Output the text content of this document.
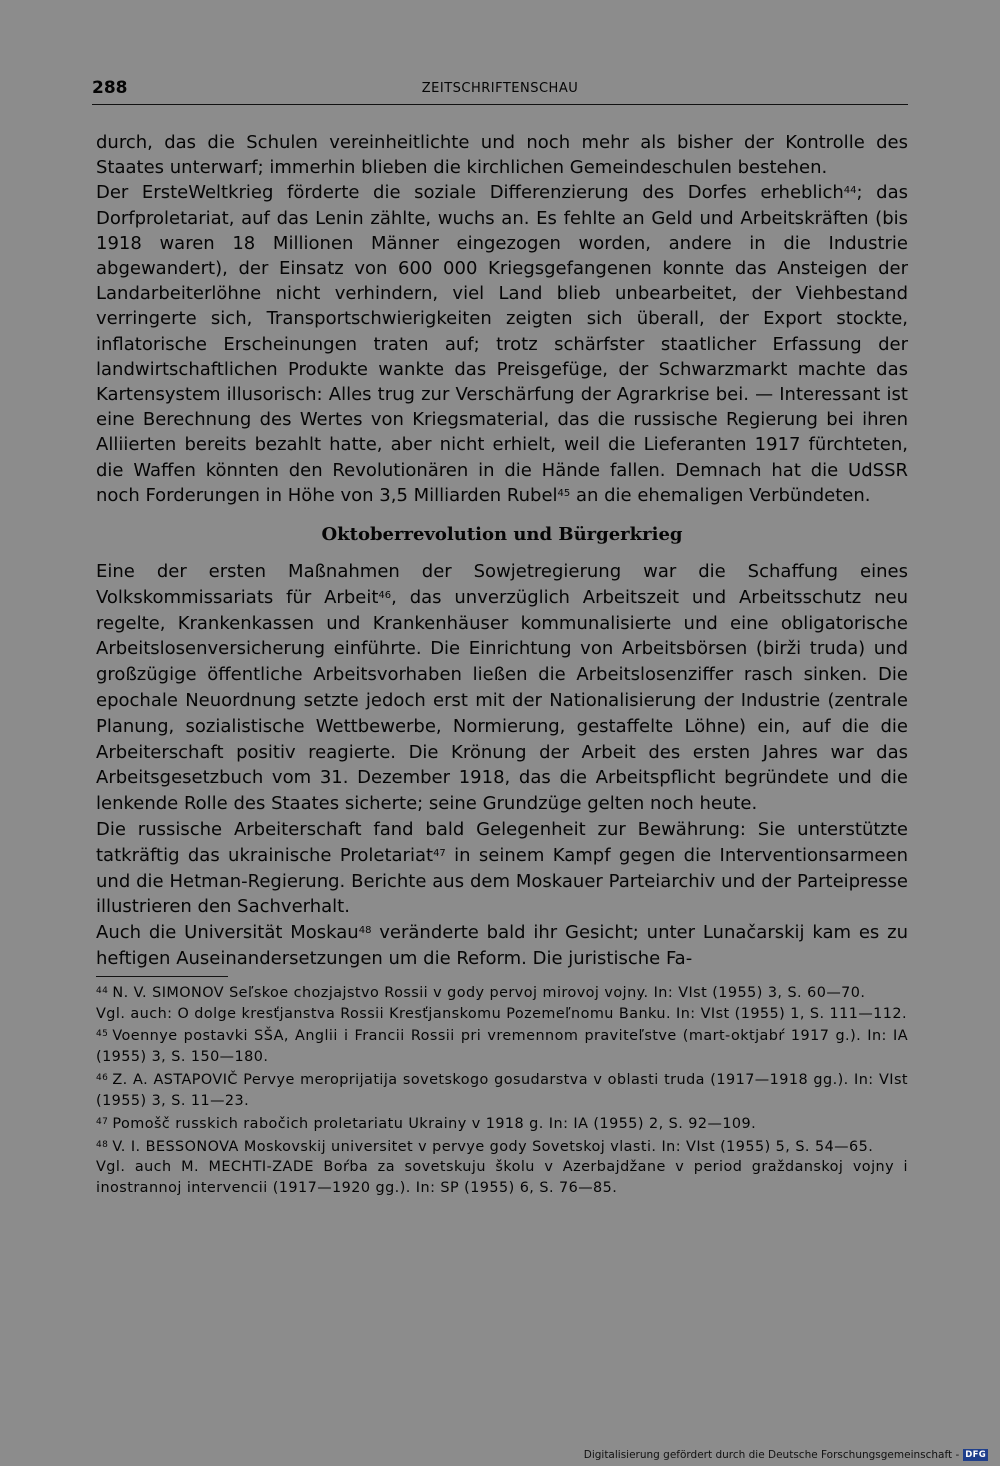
288	ZEITSCHRIFTENSCHAU

durch, das die Schulen vereinheitlichte und noch mehr als bisher der Kontrolle des Staates unterwarf; immerhin blieben die kirchlichen Gemeindeschulen bestehen.

Der ErsteWeltkrieg förderte die soziale Differenzierung des Dorfes erheblich$^{44}$; das Dorfproletariat, auf das Lenin zählte, wuchs an. Es fehlte an Geld und Arbeitskräften (bis 1918 waren 18 Millionen Männer eingezogen worden, andere in die Industrie abgewandert), der Einsatz von 600 000 Kriegsgefangenen konnte das Ansteigen der Landarbeiterlöhne nicht verhindern, viel Land blieb unbearbeitet, der Viehbestand verringerte sich, Transportschwierigkeiten zeigten sich überall, der Export stockte, inflatorische Erscheinungen traten auf; trotz schärfster staatlicher Erfassung der landwirtschaftlichen Produkte wankte das Preisgefüge, der Schwarzmarkt machte das Kartensystem illusorisch: Alles trug zur Verschärfung der Agrarkrise bei. — Interessant ist eine Berechnung des Wertes von Kriegsmaterial, das die russische Regierung bei ihren Alliierten bereits bezahlt hatte, aber nicht erhielt, weil die Lieferanten 1917 fürchteten, die Waffen könnten den Revolutionären in die Hände fallen. Demnach hat die UdSSR noch Forderungen in Höhe von 3,5 Milliarden Rubel$^{45}$ an die ehemaligen Verbündeten.

Oktoberrevolution und Bürgerkrieg

Eine der ersten Maßnahmen der Sowjetregierung war die Schaffung eines Volkskommissariats für Arbeit$^{46}$, das unverzüglich Arbeitszeit und Arbeitsschutz neu regelte, Krankenkassen und Krankenhäuser kommunalisierte und eine obligatorische Arbeitslosenversicherung einführte. Die Einrichtung von Arbeitsbörsen (birži truda) und großzügige öffentliche Arbeitsvorhaben ließen die Arbeitslosenziffer rasch sinken. Die epochale Neuordnung setzte jedoch erst mit der Nationalisierung der Industrie (zentrale Planung, sozialistische Wettbewerbe, Normierung, gestaffelte Löhne) ein, auf die die Arbeiterschaft positiv reagierte. Die Krönung der Arbeit des ersten Jahres war das Arbeitsgesetzbuch vom 31. Dezember 1918, das die Arbeitspflicht begründete und die lenkende Rolle des Staates sicherte; seine Grundzüge gelten noch heute.

Die russische Arbeiterschaft fand bald Gelegenheit zur Bewährung: Sie unterstützte tatkräftig das ukrainische Proletariat$^{47}$ in seinem Kampf gegen die Interventionsarmeen und die Hetman-Regierung. Berichte aus dem Moskauer Parteiarchiv und der Parteipresse illustrieren den Sachverhalt.

Auch die Universität Moskau$^{48}$ veränderte bald ihr Gesicht; unter Lunačarskij kam es zu heftigen Auseinandersetzungen um die Reform. Die juristische Fa-

$^{44}$ N. V. SIMONOV Seľskoe chozjajstvo Rossii v gody pervoj mirovoj vojny. In: VIst (1955) 3, S. 60—70.

Vgl. auch: O dolge kresťjanstva Rossii Kresťjanskomu Pozemeľnomu Banku. In: VIst (1955) 1, S. 111—112.

$^{45}$ Voennye postavki SŠA, Anglii i Francii Rossii pri vremennom praviteľstve (mart-oktjabŕ 1917 g.). In: IA (1955) 3, S. 150—180.

$^{46}$ Z. A. ASTAPOVIČ Pervye meroprijatija sovetskogo gosudarstva v oblasti truda (1917—1918 gg.). In: VIst (1955) 3, S. 11—23.

$^{47}$ Pomošč russkich rabočich proletariatu Ukrainy v 1918 g. In: IA (1955) 2, S. 92—109.

$^{48}$ V. I. BESSONOVA Moskovskij universitet v pervye gody Sovetskoj vlasti. In: VIst (1955) 5, S. 54—65.

Vgl. auch M. MECHTI-ZADE Boŕba za sovetskuju školu v Azerbajdžane v period graždanskoj vojny i inostrannoj intervencii (1917—1920 gg.). In: SP (1955) 6, S. 76—85.

Digitalisierung gefördert durch die Deutsche Forschungsgemeinschaft - DFG
